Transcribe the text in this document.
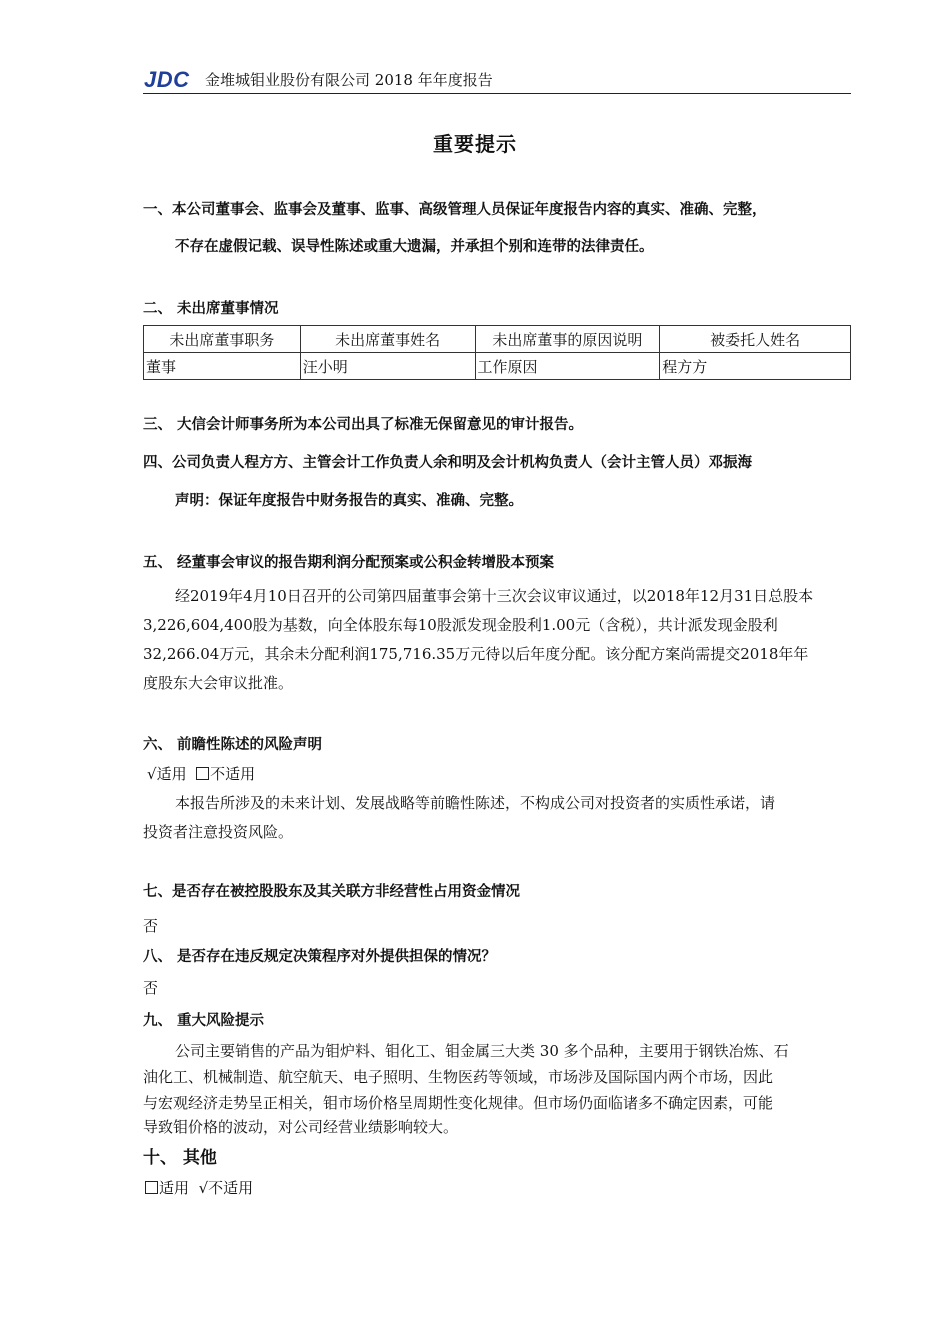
JDC 金堆城钼业股份有限公司 2018 年年度报告
重要提示
一、本公司董事会、监事会及董事、监事、高级管理人员保证年度报告内容的真实、准确、完整，
不存在虚假记载、误导性陈述或重大遗漏，并承担个别和连带的法律责任。
二、 未出席董事情况
未出席董事职务	未出席董事姓名	未出席董事的原因说明	被委托人姓名
董事	汪小明	工作原因	程方方
三、 大信会计师事务所为本公司出具了标准无保留意见的审计报告。
四、公司负责人程方方、主管会计工作负责人余和明及会计机构负责人（会计主管人员）邓振海
声明：保证年度报告中财务报告的真实、准确、完整。
五、 经董事会审议的报告期利润分配预案或公积金转增股本预案
经2019年4月10日召开的公司第四届董事会第十三次会议审议通过，以2018年12月31日总股本
3,226,604,400股为基数，向全体股东每10股派发现金股利1.00元（含税），共计派发现金股利
32,266.04万元，其余未分配利润175,716.35万元待以后年度分配。该分配方案尚需提交2018年年
度股东大会审议批准。
六、 前瞻性陈述的风险声明
√适用 不适用
本报告所涉及的未来计划、发展战略等前瞻性陈述，不构成公司对投资者的实质性承诺，请
投资者注意投资风险。
七、是否存在被控股股东及其关联方非经营性占用资金情况
否
八、 是否存在违反规定决策程序对外提供担保的情况？
否
九、 重大风险提示
公司主要销售的产品为钼炉料、钼化工、钼金属三大类 30 多个品种，主要用于钢铁冶炼、石
油化工、机械制造、航空航天、电子照明、生物医药等领域，市场涉及国际国内两个市场，因此
与宏观经济走势呈正相关，钼市场价格呈周期性变化规律。但市场仍面临诸多不确定因素，可能
导致钼价格的波动，对公司经营业绩影响较大。
十、 其他
适用 √不适用
